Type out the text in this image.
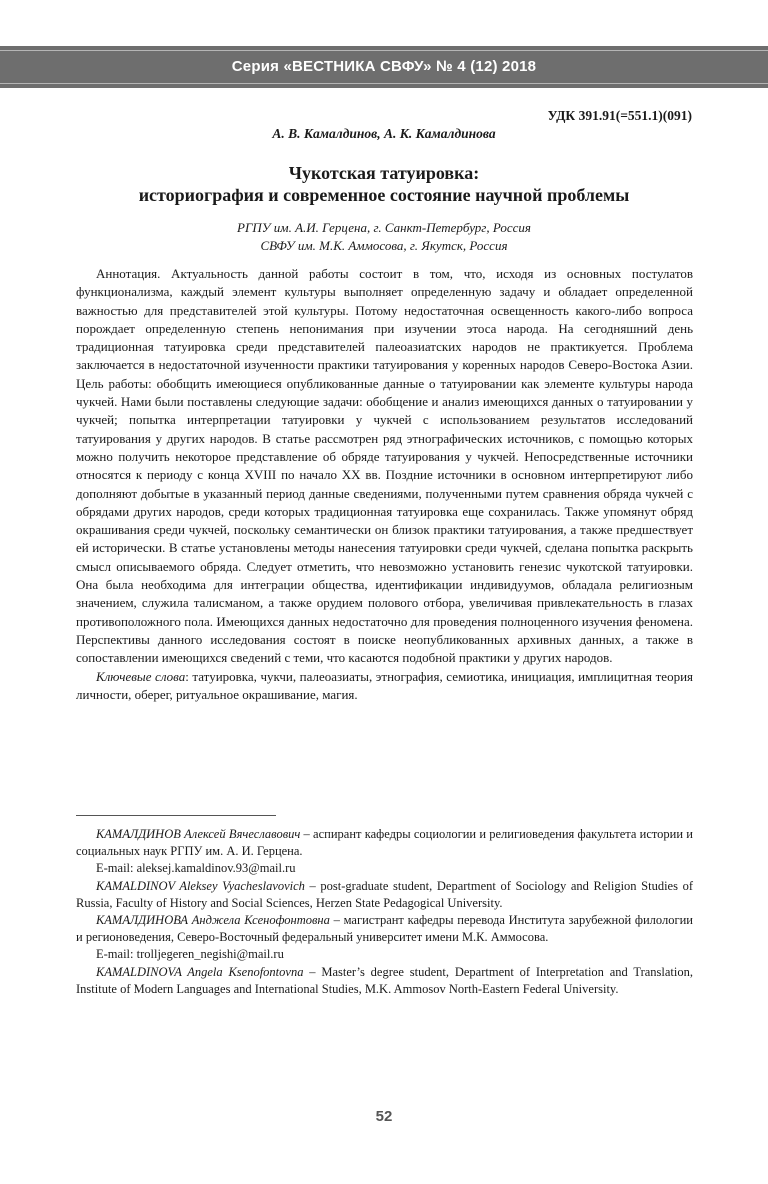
Серия «ВЕСТНИКА СВФУ» № 4 (12) 2018
УДК 391.91(=551.1)(091)
А. В. Камалдинов, А. К. Камалдинова
Чукотская татуировка:
историография и современное состояние научной проблемы
РГПУ им. А.И. Герцена, г. Санкт-Петербург, Россия
СВФУ им. М.К. Аммосова, г. Якутск, Россия

Аннотация. Актуальность данной работы состоит в том, что, исходя из основных постулатов функционализма, каждый элемент культуры выполняет определенную задачу и обладает определенной важностью для представителей этой культуры. Потому недостаточная освещенность какого-либо вопроса порождает определенную степень непонимания при изучении этоса народа. На сегодняшний день традиционная татуировка среди представителей палеоазиатских народов не практикуется. Проблема заключается в недостаточной изученности практики татуирования у коренных народов Северо-Востока Азии. Цель работы: обобщить имеющиеся опубликованные данные о татуировании как элементе культуры народа чукчей. Нами были поставлены следующие задачи: обобщение и анализ имеющихся данных о татуировании у чукчей; попытка интерпретации татуировки у чукчей с использованием результатов исследований татуирования у других народов. В статье рассмотрен ряд этнографических источников, с помощью которых можно получить некоторое представление об обряде татуирования у чукчей. Непосредственные источники относятся к периоду с конца XVIII по начало XX вв. Поздние источники в основном интерпретируют либо дополняют добытые в указанный период данные сведениями, полученными путем сравнения обряда чукчей с обрядами других народов, среди которых традиционная татуировка еще сохранилась. Также упомянут обряд окрашивания среди чукчей, поскольку семантически он близок практики татуирования, а также предшествует ей исторически. В статье установлены методы нанесения татуировки среди чукчей, сделана попытка раскрыть смысл описываемого обряда. Следует отметить, что невозможно установить генезис чукотской татуировки. Она была необходима для интеграции общества, идентификации индивидуумов, обладала религиозным значением, служила талисманом, а также орудием полового отбора, увеличивая привлекательность в глазах противоположного пола. Имеющихся данных недостаточно для проведения полноценного изучения феномена. Перспективы данного исследования состоят в поиске неопубликованных архивных данных, а также в сопоставлении имеющихся сведений с теми, что касаются подобной практики у других народов.

Ключевые слова: татуировка, чукчи, палеоазиаты, этнография, семиотика, инициация, имплицитная теория личности, оберег, ритуальное окрашивание, магия.

КАМАЛДИНОВ Алексей Вячеславович – аспирант кафедры социологии и религиоведения факультета истории и социальных наук РГПУ им. А. И. Герцена.

E-mail: aleksej.kamaldinov.93@mail.ru

KAMALDINOV Aleksey Vyacheslavovich – post-graduate student, Department of Sociology and Religion Studies of Russia, Faculty of History and Social Sciences, Herzen State Pedagogical University.

КАМАЛДИНОВА Анджела Ксенофонтовна – магистрант кафедры перевода Института зарубежной филологии и регионоведения, Северо-Восточный федеральный университет имени М.К. Аммосова.

E-mail: trolljegeren_negishi@mail.ru

KAMALDINOVA Angela Ksenofontovna – Master’s degree student, Department of Interpretation and Translation, Institute of Modern Languages and International Studies, M.K. Ammosov North-Eastern Federal University.

52
